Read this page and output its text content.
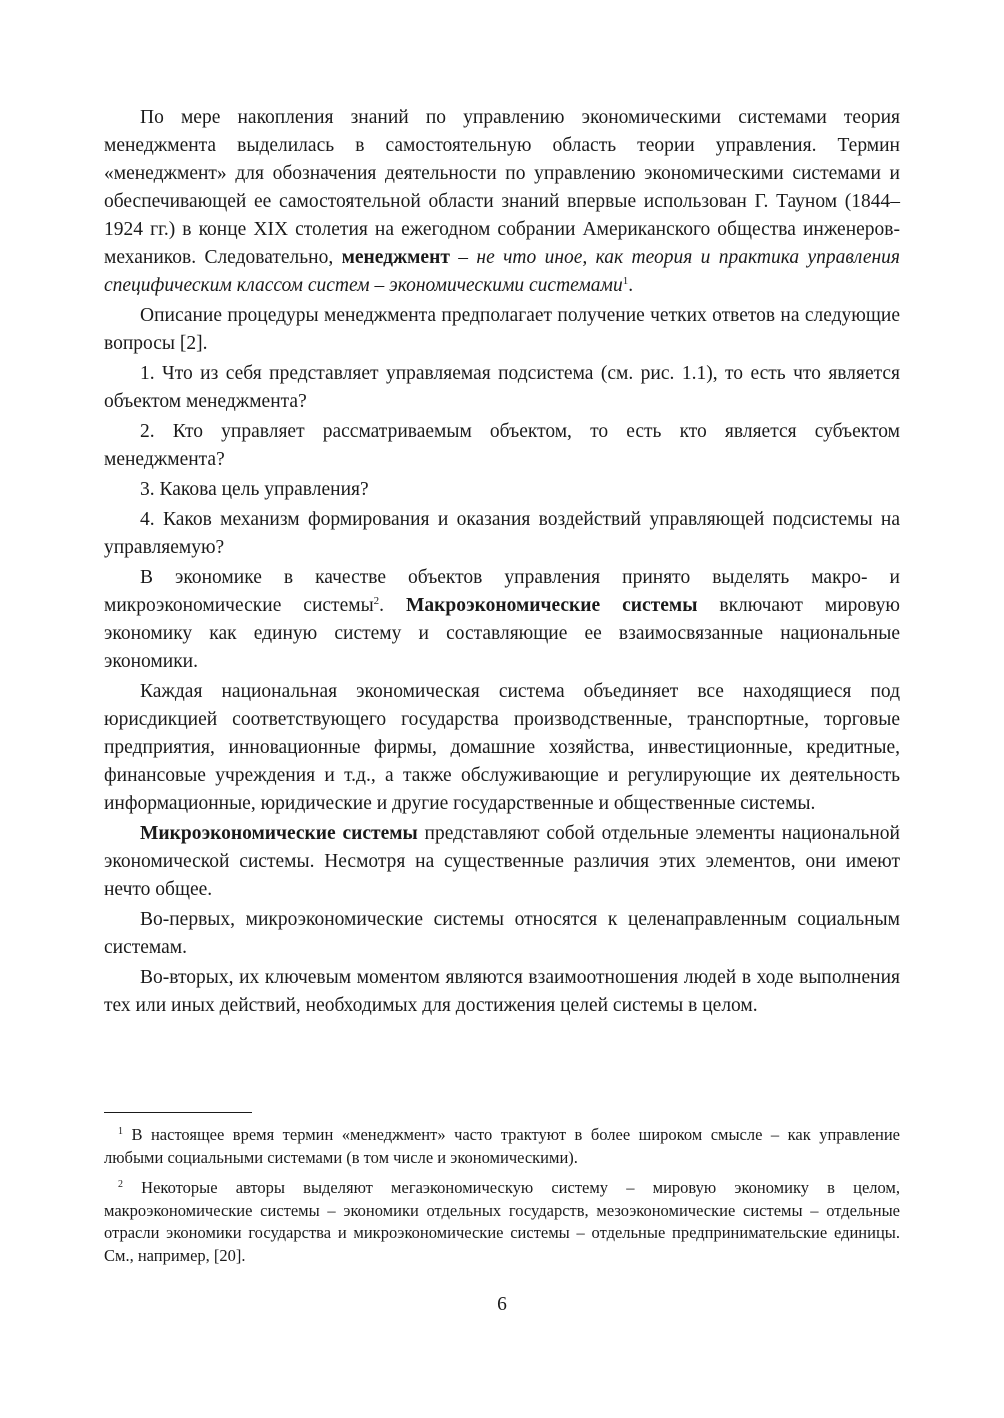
По мере накопления знаний по управлению экономическими системами теория менеджмента выделилась в самостоятельную область теории управления. Термин «менеджмент» для обозначения деятельности по управлению экономическими системами и обеспечивающей ее самостоятельной области знаний впервые использован Г. Тауном (1844–1924 гг.) в конце XIX столетия на ежегодном собрании Американского общества инженеров-механиков. Следовательно, менеджмент – не что иное, как теория и практика управления специфическим классом систем – экономическими системами$^1$.

Описание процедуры менеджмента предполагает получение четких ответов на следующие вопросы [2].

1. Что из себя представляет управляемая подсистема (см. рис. 1.1), то есть что является объектом менеджмента?

2. Кто управляет рассматриваемым объектом, то есть кто является субъектом менеджмента?

3. Какова цель управления?

4. Каков механизм формирования и оказания воздействий управляющей подсистемы на управляемую?

В экономике в качестве объектов управления принято выделять макро- и микроэкономические системы$^2$. Макроэкономические системы включают мировую экономику как единую систему и составляющие ее взаимосвязанные национальные экономики.

Каждая национальная экономическая система объединяет все находящиеся под юрисдикцией соответствующего государства производственные, транспортные, торговые предприятия, инновационные фирмы, домашние хозяйства, инвестиционные, кредитные, финансовые учреждения и т.д., а также обслуживающие и регулирующие их деятельность информационные, юридические и другие государственные и общественные системы.

Микроэкономические системы представляют собой отдельные элементы национальной экономической системы. Несмотря на существенные различия этих элементов, они имеют нечто общее.

Во-первых, микроэкономические системы относятся к целенаправленным социальным системам.

Во-вторых, их ключевым моментом являются взаимоотношения людей в ходе выполнения тех или иных действий, необходимых для достижения целей системы в целом.

$^1$ В настоящее время термин «менеджмент» часто трактуют в более широком смысле – как управление любыми социальными системами (в том числе и экономическими).

$^2$ Некоторые авторы выделяют мегаэкономическую систему – мировую экономику в целом, макроэкономические системы – экономики отдельных государств, мезоэкономические системы – отдельные отрасли экономики государства и микроэкономические системы – отдельные предпринимательские единицы. См., например, [20].

6
